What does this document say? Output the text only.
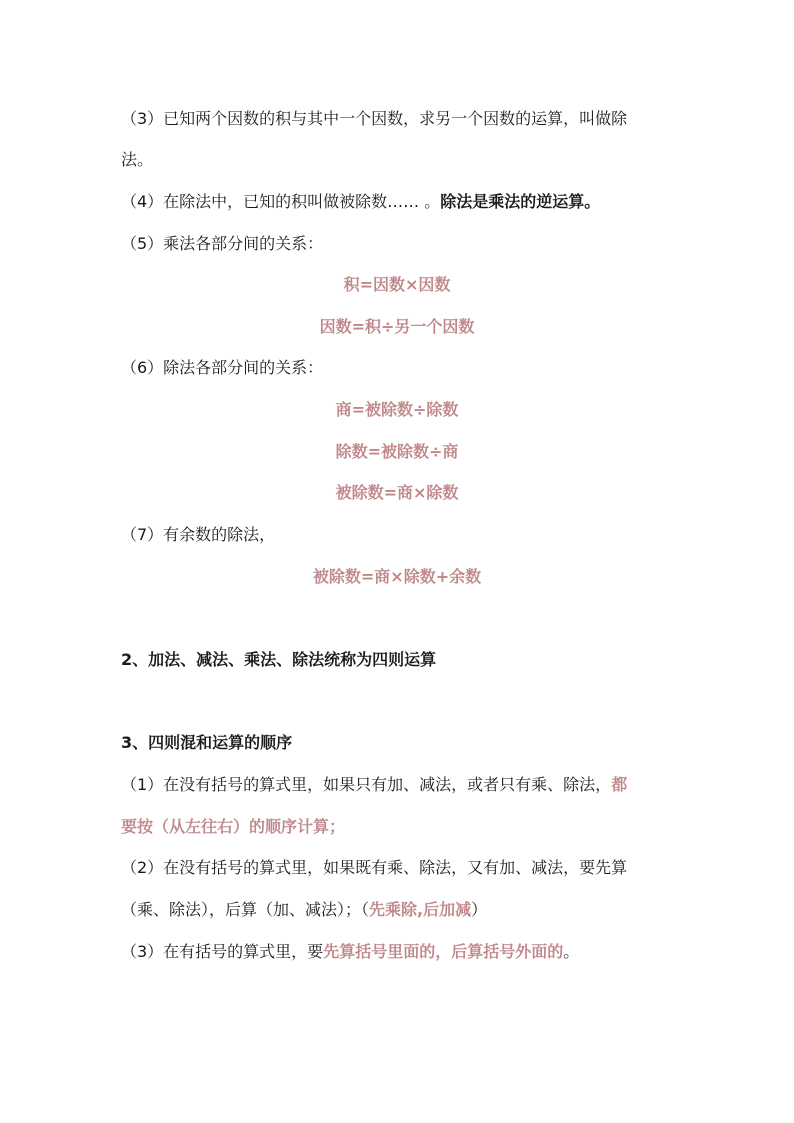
（3）已知两个因数的积与其中一个因数，求另一个因数的运算，叫做除
法。
（4）在除法中，已知的积叫做被除数…… 。除法是乘法的逆运算。
（5）乘法各部分间的关系：
积=因数×因数
因数=积÷另一个因数
（6）除法各部分间的关系：
商=被除数÷除数
除数=被除数÷商
被除数=商×除数
（7）有余数的除法，
被除数=商×除数+余数
2、加法、减法、乘法、除法统称为四则运算
3、四则混和运算的顺序
（1）在没有括号的算式里，如果只有加、减法，或者只有乘、除法，都
要按（从左往右）的顺序计算；
（2）在没有括号的算式里，如果既有乘、除法，又有加、减法，要先算
（乘、除法），后算（加、减法）；（先乘除,后加减）
（3）在有括号的算式里，要先算括号里面的，后算括号外面的。
